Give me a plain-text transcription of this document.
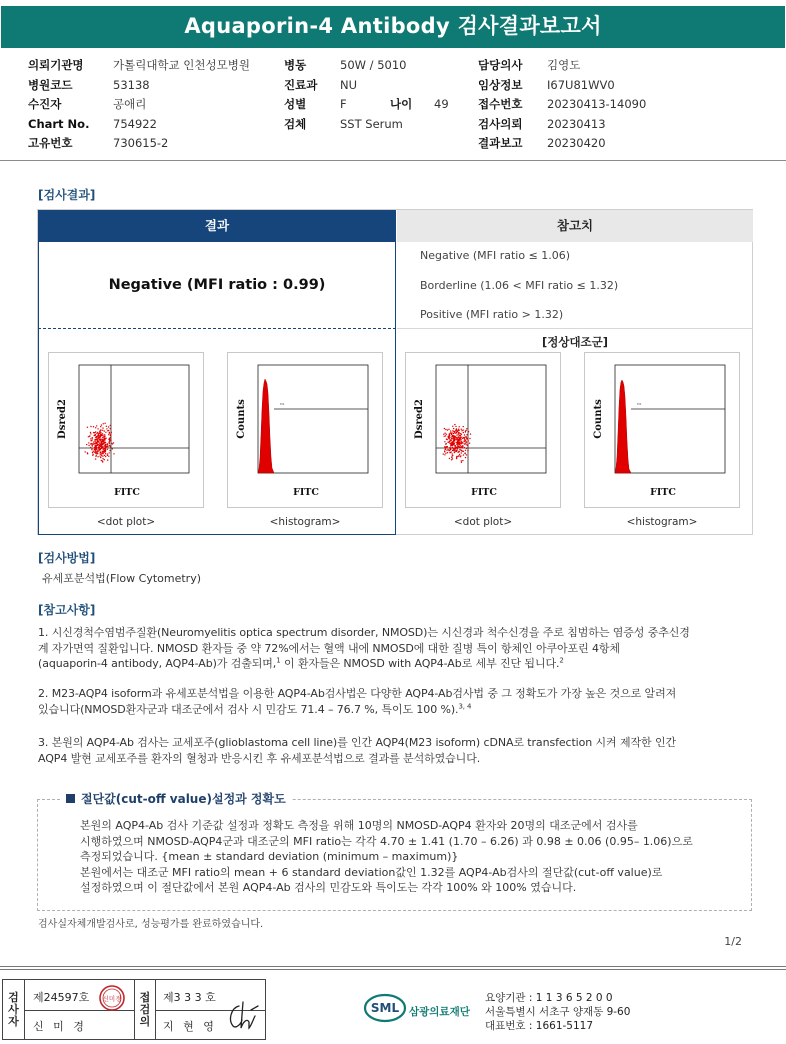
Aquaporin-4 Antibody 검사결과보고서
의뢰기관명	가톨릭대학교 인천성모병원
병원코드	53138
수진자	공애리
Chart No.	754922
고유번호	730615-2
병동	50W / 5010
진료과	NU
성별	F	나이	49
검체	SST Serum
담당의사	김영도
임상정보	I67U81WV0
접수번호	20230413-14090
검사의뢰	20230413
결과보고	20230420
[검사결과]
결과	참고치
Negative (MFI ratio : 0.99)
[정상대조군]
Negative (MFI ratio ≤ 1.06)
Borderline (1.06 < MFI ratio ≤ 1.32)
Positive (MFI ratio > 1.32)
Dsred2
FITC
<dot plot>
M1
Counts
FITC
<histogram>
Dsred2
FITC
<dot plot>
M1
Counts
FITC
<histogram>
[검사방법]
유세포분석법(Flow Cytometry)
[참고사항]
1. 시신경척수염범주질환(Neuromyelitis optica spectrum disorder, NMOSD)는 시신경과 척수신경을 주로 침범하는 염증성 중추신경
계 자가면역 질환입니다. NMOSD 환자들 중 약 72%에서는 혈액 내에 NMOSD에 대한 질병 특이 항체인 아쿠아포린 4항체
(aquaporin-4 antibody, AQP4-Ab)가 검출되며,$^1$ 이 환자들은 NMOSD with AQP4-Ab로 세부 진단 됩니다.$^2$
2. M23-AQP4 isoform과 유세포분석법을 이용한 AQP4-Ab검사법은 다양한 AQP4-Ab검사법 중 그 정확도가 가장 높은 것으로 알려져
있습니다(NMOSD환자군과 대조군에서 검사 시 민감도 71.4 – 76.7 %, 특이도 100 %).$^{3, 4}$
3. 본원의 AQP4-Ab 검사는 교세포주(glioblastoma cell line)를 인간 AQP4(M23 isoform) cDNA로 transfection 시켜 제작한 인간
AQP4 발현 교세포주를 환자의 혈청과 반응시킨 후 유세포분석법으로 결과를 분석하였습니다.
절단값(cut-off value)설정과 정확도
본원의 AQP4-Ab 검사 기준값 설정과 정확도 측정을 위해 10명의 NMOSD-AQP4 환자와 20명의 대조군에서 검사를
시행하였으며 NMOSD-AQP4군과 대조군의 MFI ratio는 각각 4.70 ± 1.41 (1.70 – 6.26) 과 0.98 ± 0.06 (0.95– 1.06)으로
측정되었습니다. {mean ± standard deviation (minimum – maximum)}
본원에서는 대조군 MFI ratio의 mean + 6 standard deviation값인 1.32를 AQP4-Ab검사의 절단값(cut-off value)로
설정하였으며 이 절단값에서 본원 AQP4-Ab 검사의 민감도와 특이도는 각각 100% 와 100% 였습니다.
검사실자체개발검사로, 성능평가를 완료하였습니다.
1/2
검
사
자
접
검
의
제24597호
신 미 경
신미경	제3 3 3 호
지 현 영
SML 삼광의료재단
요양기관 : 1 1 3 6 5 2 0 0
서울특별시 서초구 양재동 9-60
대표번호 : 1661-5117
